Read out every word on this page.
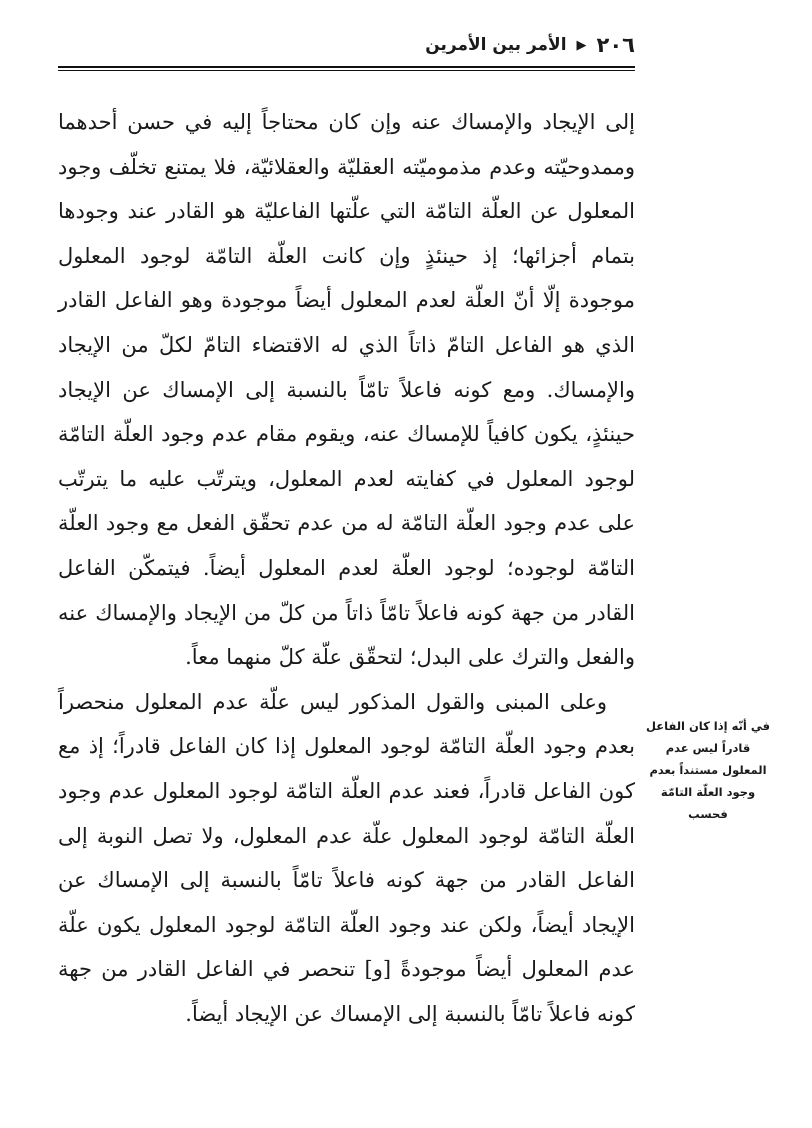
٢٠٦
▶
الأمر بين الأمرين

إلى الإيجاد والإمساك عنه وإن كان محتاجاً إليه في حسن أحدهما وممدوحيّته وعدم مذموميّته العقليّة والعقلائيّة، فلا يمتنع تخلّف وجود المعلول عن العلّة التامّة التي علّتها الفاعليّة هو القادر عند وجودها بتمام أجزائها؛ إذ حينئذٍ وإن كانت العلّة التامّة لوجود المعلول موجودة إلّا أنّ العلّة لعدم المعلول أيضاً موجودة وهو الفاعل القادر الذي هو الفاعل التامّ ذاتاً الذي له الاقتضاء التامّ لكلّ من الإيجاد والإمساك. ومع كونه فاعلاً تامّاً بالنسبة إلى الإمساك عن الإيجاد حينئذٍ، يكون كافياً للإمساك عنه، ويقوم مقام عدم وجود العلّة التامّة لوجود المعلول في كفايته لعدم المعلول، ويترتّب عليه ما يترتّب على عدم وجود العلّة التامّة له من عدم تحقّق الفعل مع وجود العلّة التامّة لوجوده؛ لوجود العلّة لعدم المعلول أيضاً. فيتمكّن الفاعل القادر من جهة كونه فاعلاً تامّاً ذاتاً من كلّ من الإيجاد والإمساك عنه والفعل والترك على البدل؛ لتحقّق علّة كلّ منهما معاً.

وعلى المبنى والقول المذكور ليس علّة عدم المعلول منحصراً بعدم وجود العلّة التامّة لوجود المعلول إذا كان الفاعل قادراً؛ إذ مع كون الفاعل قادراً، فعند عدم العلّة التامّة لوجود المعلول عدم وجود العلّة التامّة لوجود المعلول علّة عدم المعلول، ولا تصل النوبة إلى الفاعل القادر من جهة كونه فاعلاً تامّاً بالنسبة إلى الإمساك عن الإيجاد أيضاً، ولكن عند وجود العلّة التامّة لوجود المعلول يكون علّة عدم المعلول أيضاً موجودةً [و] تنحصر في الفاعل القادر من جهة كونه فاعلاً تامّاً بالنسبة إلى الإمساك عن الإيجاد أيضاً.

في أنّه إذا كان الفاعل قادراً ليس عدم المعلول مستنداً بعدم وجود العلّة التامّة فحسب
